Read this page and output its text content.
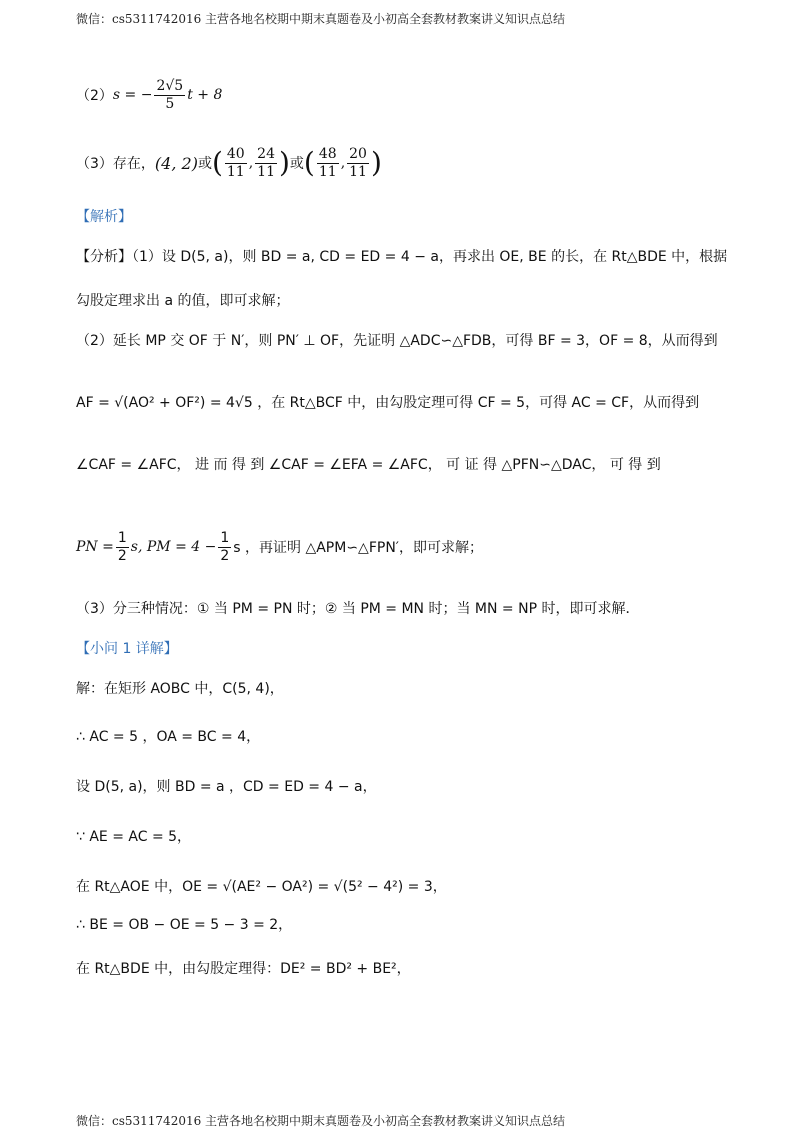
微信：cs5311742016 主营各地名校期中期末真题卷及小初高全套教材教案讲义知识点总结
（2） s = − $\frac{2√5}{5}$ t + 8
（3）存在， (4, 2) 或 ( $\frac{40}{11}$ , $\frac{24}{11}$ ) 或 ( $\frac{48}{11}$ , $\frac{20}{11}$ )
【解析】
【分析】（1）设 D(5, a)，则 BD = a, CD = ED = 4 − a，再求出 OE, BE 的长，在 Rt△BDE 中，根据
勾股定理求出 a 的值，即可求解；
（2）延长 MP 交 OF 于 N′，则 PN′ ⊥ OF，先证明 △ADC∽△FDB，可得 BF = 3，OF = 8，从而得到
AF = √(AO² + OF²) = 4√5 ，在 Rt△BCF 中，由勾股定理可得 CF = 5，可得 AC = CF，从而得到
∠CAF = ∠AFC， 进 而 得 到 ∠CAF = ∠EFA = ∠AFC， 可 证 得 △PFN∽△DAC， 可 得 到
PN = $\frac{1}{2} s$, PM = $4 - \frac{1}{2}$ s ，再证明 △APM∽△FPN′，即可求解；
（3）分三种情况：① 当 PM = PN 时；② 当 PM = MN 时；当 MN = NP 时，即可求解．
【小问 1 详解】
解：在矩形 AOBC 中，C(5, 4)，
∴ AC = 5 ，OA = BC = 4，
设 D(5, a)，则 BD = a ，CD = ED = 4 − a，
∵ AE = AC = 5，
在 Rt△AOE 中，OE = √(AE² − OA²) = √(5² − 4²) = 3，
∴ BE = OB − OE = 5 − 3 = 2，
在 Rt△BDE 中，由勾股定理得：DE² = BD² + BE²，
微信：cs5311742016 主营各地名校期中期末真题卷及小初高全套教材教案讲义知识点总结
